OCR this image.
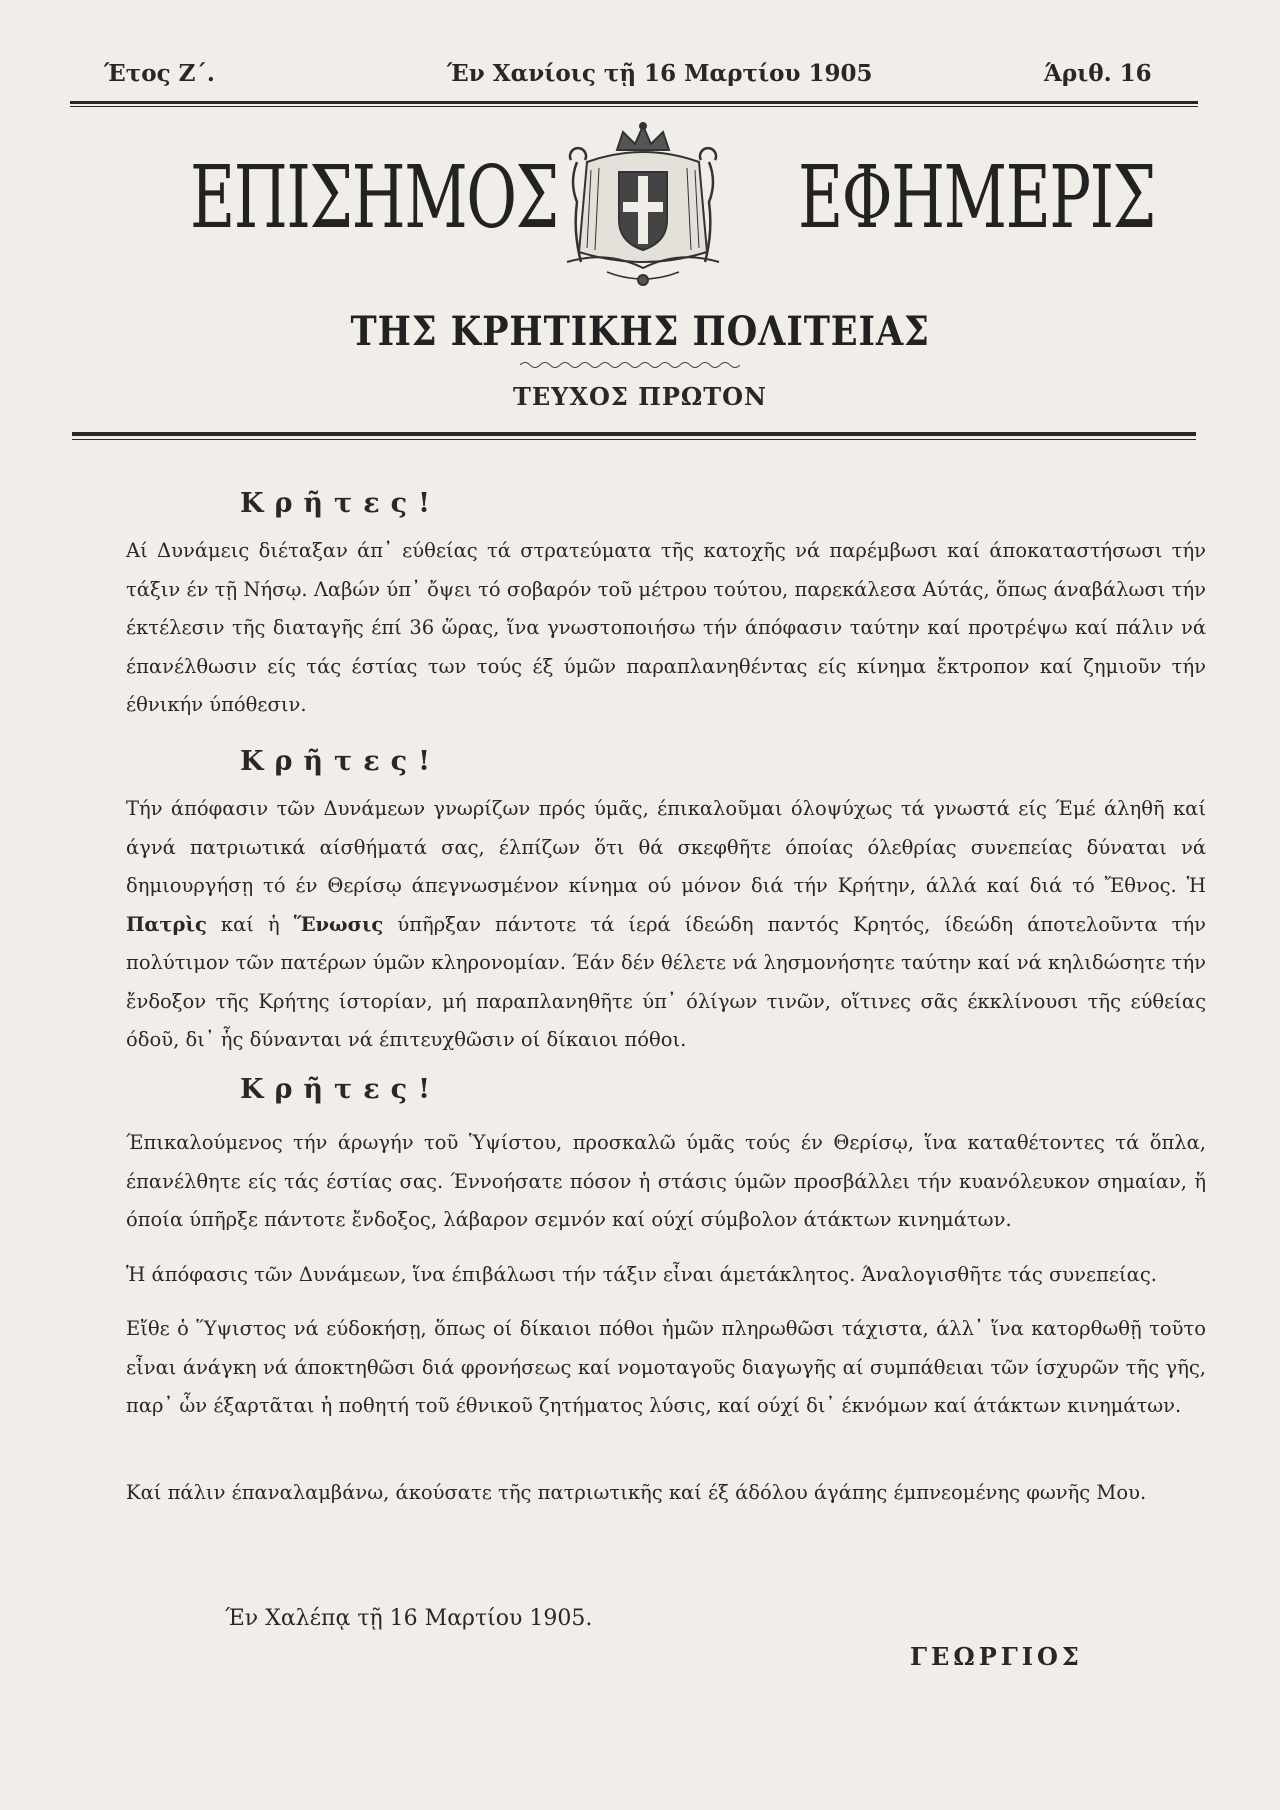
Έτος Ζ΄.	Έν Χανίοις τῇ 16 Μαρτίου 1905	Άριθ. 16
ΕΠΙΣΗΜΟΣ	ΕΦΗΜΕΡΙΣ
ΤΗΣ ΚΡΗΤΙΚΗΣ ΠΟΛΙΤΕΙΑΣ
ΤΕΥΧΟΣ ΠΡΩΤΟΝ
Κρῆτες!
Αί Δυνάμεις διέταξαν άπ᾽ εύθείας τά στρατεύματα τῆς κατοχῆς νά παρέμβωσι καί άποκαταστήσωσι τήν τάξιν έν τῇ Νήσῳ. Λαβών ύπ᾽ ὄψει τό σοβαρόν τοῦ μέτρου τούτου, παρεκάλεσα Αύτάς, ὅπως άναβάλωσι τήν έκτέλεσιν τῆς διαταγῆς έπί 36 ὥρας, ἵνα γνωστοποιήσω τήν άπόφασιν ταύτην καί προτρέψω καί πάλιν νά έπανέλθωσιν είς τάς έστίας των τούς έξ ύμῶν παραπλανηθέντας είς κίνημα ἔκτροπον καί ζημιοῦν τήν έθνικήν ύπόθεσιν.
Κρῆτες!
Τήν άπόφασιν τῶν Δυνάμεων γνωρίζων πρός ύμᾶς, έπικαλοῦμαι όλοψύχως τά γνωστά είς Έμέ άληθῆ καί άγνά πατριωτικά αίσθήματά σας, έλπίζων ὅτι θά σκεφθῆτε όποίας όλεθρίας συνεπείας δύναται νά δημιουργήσῃ τό έν Θερίσῳ άπεγνωσμένον κίνημα ού μόνον διά τήν Κρήτην, άλλά καί διά τό Ἔθνος. Ἡ Πατρὶς καί ἡ Ἕνωσις ύπῆρξαν πάντοτε τά ίερά ίδεώδη παντός Κρητός, ίδεώδη άποτελοῦντα τήν πολύτιμον τῶν πατέρων ύμῶν κληρονομίαν. Έάν δέν θέλετε νά λησμονήσητε ταύτην καί νά κηλιδώσητε τήν ἔνδοξον τῆς Κρήτης ίστορίαν, μή παραπλανηθῆτε ύπ᾽ όλίγων τινῶν, οἵτινες σᾶς έκκλίνουσι τῆς εύθείας όδοῦ, δι᾽ ἧς δύνανται νά έπιτευχθῶσιν οί δίκαιοι πόθοι.
Κρῆτες!
Έπικαλούμενος τήν άρωγήν τοῦ Ὑψίστου, προσκαλῶ ύμᾶς τούς έν Θερίσῳ, ἵνα καταθέτοντες τά ὅπλα, έπανέλθητε είς τάς έστίας σας. Έννοήσατε πόσον ἡ στάσις ύμῶν προσβάλλει τήν κυανόλευκον σημαίαν, ἥ όποία ύπῆρξε πάντοτε ἔνδοξος, λάβαρον σεμνόν καί ούχί σύμβολον άτάκτων κινημάτων.
Ἡ άπόφασις τῶν Δυνάμεων, ἵνα έπιβάλωσι τήν τάξιν εἶναι άμετάκλητος. Άναλογισθῆτε τάς συνεπείας.
Εἴθε ὁ Ὕψιστος νά εύδοκήσῃ, ὅπως οί δίκαιοι πόθοι ἡμῶν πληρωθῶσι τάχιστα, άλλ᾽ ἵνα κατορθωθῇ τοῦτο εἶναι άνάγκη νά άποκτηθῶσι διά φρονήσεως καί νομοταγοῦς διαγωγῆς αί συμπάθειαι τῶν ίσχυρῶν τῆς γῆς, παρ᾽ ὧν έξαρτᾶται ἡ ποθητή τοῦ έθνικοῦ ζητήματος λύσις, καί ούχί δι᾽ έκνόμων καί άτάκτων κινημάτων.
Καί πάλιν έπαναλαμβάνω, άκούσατε τῆς πατριωτικῆς καί έξ άδόλου άγάπης έμπνεομένης φωνῆς Μου.
Έν Χαλέπᾳ τῇ 16 Μαρτίου 1905.
ΓΕΩΡΓΙΟΣ
